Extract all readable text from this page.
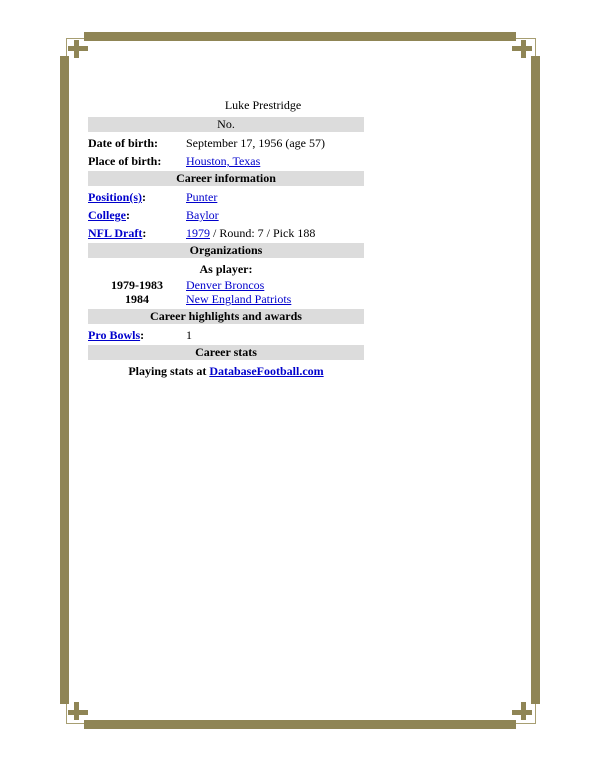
Luke Prestridge
No.
Date of birth:	September 17, 1956 (age 57)
Place of birth:	Houston, Texas
Career information
Position(s):	Punter
College:	Baylor
NFL Draft:	1979 / Round: 7 / Pick 188
Organizations
As player:
1979-1983	Denver Broncos
1984	New England Patriots
Career highlights and awards
Pro Bowls:	1
Career stats
Playing stats at DatabaseFootball.com
